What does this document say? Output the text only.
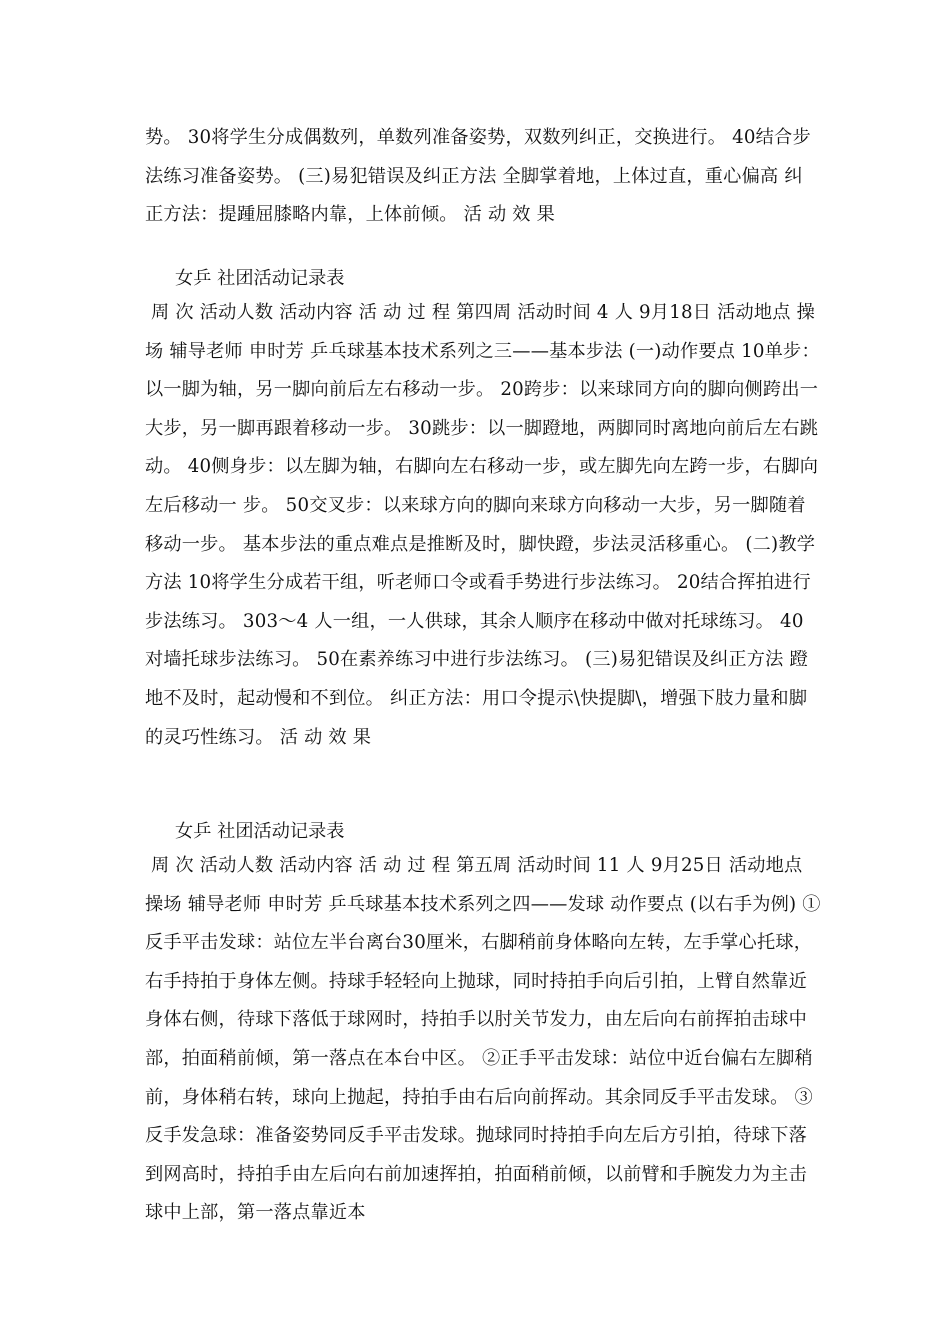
势。 30将学生分成偶数列，单数列准备姿势，双数列纠正，交换进行。 40结合步法练习准备姿势。 (三)易犯错误及纠正方法 全脚掌着地，上体过直，重心偏高 纠正方法：提踵屈膝略内靠，上体前倾。 活 动 效 果

女乒 社团活动记录表

周 次 活动人数 活动内容 活 动 过 程 第四周 活动时间 4 人 9月18日 活动地点 操场 辅导老师 申时芳 乒乓球基本技术系列之三——基本步法 (一)动作要点 10单步：以一脚为轴，另一脚向前后左右移动一步。 20跨步：以来球同方向的脚向侧跨出一大步，另一脚再跟着移动一步。 30跳步：以一脚蹬地，两脚同时离地向前后左右跳动。 40侧身步：以左脚为轴，右脚向左右移动一步，或左脚先向左跨一步，右脚向左后移动一 步。 50交叉步：以来球方向的脚向来球方向移动一大步，另一脚随着移动一步。 基本步法的重点难点是推断及时，脚快蹬，步法灵活移重心。 (二)教学方法 10将学生分成若干组，听老师口令或看手势进行步法练习。 20结合挥拍进行步法练习。 303～4 人一组，一人供球，其余人顺序在移动中做对托球练习。 40对墙托球步法练习。 50在素养练习中进行步法练习。 (三)易犯错误及纠正方法 蹬地不及时，起动慢和不到位。 纠正方法：用口令提示\快提脚\，增强下肢力量和脚的灵巧性练习。 活 动 效 果

女乒 社团活动记录表

周 次 活动人数 活动内容 活 动 过 程 第五周 活动时间 11 人 9月25日 活动地点 操场 辅导老师 申时芳 乒乓球基本技术系列之四——发球 动作要点 (以右手为例) ①反手平击发球：站位左半台离台30厘米，右脚稍前身体略向左转，左手掌心托球，右手持拍于身体左侧。持球手轻轻向上抛球，同时持拍手向后引拍，上臂自然靠近身体右侧，待球下落低于球网时，持拍手以肘关节发力，由左后向右前挥拍击球中部，拍面稍前倾，第一落点在本台中区。 ②正手平击发球：站位中近台偏右左脚稍前，身体稍右转，球向上抛起，持拍手由右后向前挥动。其余同反手平击发球。 ③反手发急球：准备姿势同反手平击发球。抛球同时持拍手向左后方引拍，待球下落到网高时，持拍手由左后向右前加速挥拍，拍面稍前倾，以前臂和手腕发力为主击球中上部，第一落点靠近本
